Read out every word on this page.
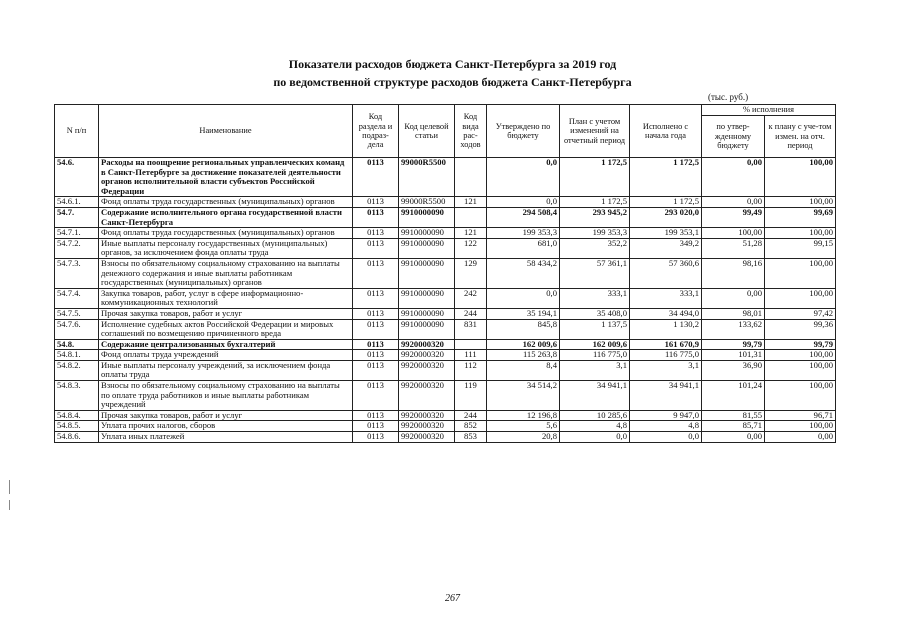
Показатели расходов бюджета Санкт-Петербурга за 2019 год
по ведомственной структуре расходов бюджета Санкт-Петербурга
(тыс. руб.)
N п/п	Наименование	Код раздела и подраз-дела	Код целевой статьи	Код вида рас-ходов	Утверждено по бюджету	План с учетом изменений на отчетный период	Исполнено с начала года	% исполнения	
								по утвер-жденному бюджету	к плану с уче-том измен. на отч. период
54.6.	Расходы на поощрение региональных управленческих команд в Санкт-Петербурге за достижение показателей деятельности органов исполнительной власти субъектов Российской Федерации	0113	99000R5500		0,0	1 172,5	1 172,5	0,00	100,00
54.6.1.	Фонд оплаты труда государственных (муниципальных) органов	0113	99000R5500	121	0,0	1 172,5	1 172,5	0,00	100,00
54.7.	Содержание исполнительного органа государственной власти Санкт-Петербурга	0113	9910000090		294 508,4	293 945,2	293 020,0	99,49	99,69
54.7.1.	Фонд оплаты труда государственных (муниципальных) органов	0113	9910000090	121	199 353,3	199 353,3	199 353,1	100,00	100,00
54.7.2.	Иные выплаты персоналу государственных (муниципальных) органов, за исключением фонда оплаты труда	0113	9910000090	122	681,0	352,2	349,2	51,28	99,15
54.7.3.	Взносы по обязательному социальному страхованию на выплаты денежного содержания и иные выплаты работникам государственных (муниципальных) органов	0113	9910000090	129	58 434,2	57 361,1	57 360,6	98,16	100,00
54.7.4.	Закупка товаров, работ, услуг в сфере информационно-коммуникационных технологий	0113	9910000090	242	0,0	333,1	333,1	0,00	100,00
54.7.5.	Прочая закупка товаров, работ и услуг	0113	9910000090	244	35 194,1	35 408,0	34 494,0	98,01	97,42
54.7.6.	Исполнение судебных актов Российской Федерации и мировых соглашений по возмещению причиненного вреда	0113	9910000090	831	845,8	1 137,5	1 130,2	133,62	99,36
54.8.	Содержание централизованных бухгалтерий	0113	9920000320		162 009,6	162 009,6	161 670,9	99,79	99,79
54.8.1.	Фонд оплаты труда учреждений	0113	9920000320	111	115 263,8	116 775,0	116 775,0	101,31	100,00
54.8.2.	Иные выплаты персоналу учреждений, за исключением фонда оплаты труда	0113	9920000320	112	8,4	3,1	3,1	36,90	100,00
54.8.3.	Взносы по обязательному социальному страхованию на выплаты по оплате труда работников и иные выплаты работникам учреждений	0113	9920000320	119	34 514,2	34 941,1	34 941,1	101,24	100,00
54.8.4.	Прочая закупка товаров, работ и услуг	0113	9920000320	244	12 196,8	10 285,6	9 947,0	81,55	96,71
54.8.5.	Уплата прочих налогов, сборов	0113	9920000320	852	5,6	4,8	4,8	85,71	100,00
54.8.6.	Уплата иных платежей	0113	9920000320	853	20,8	0,0	0,0	0,00	0,00
267
